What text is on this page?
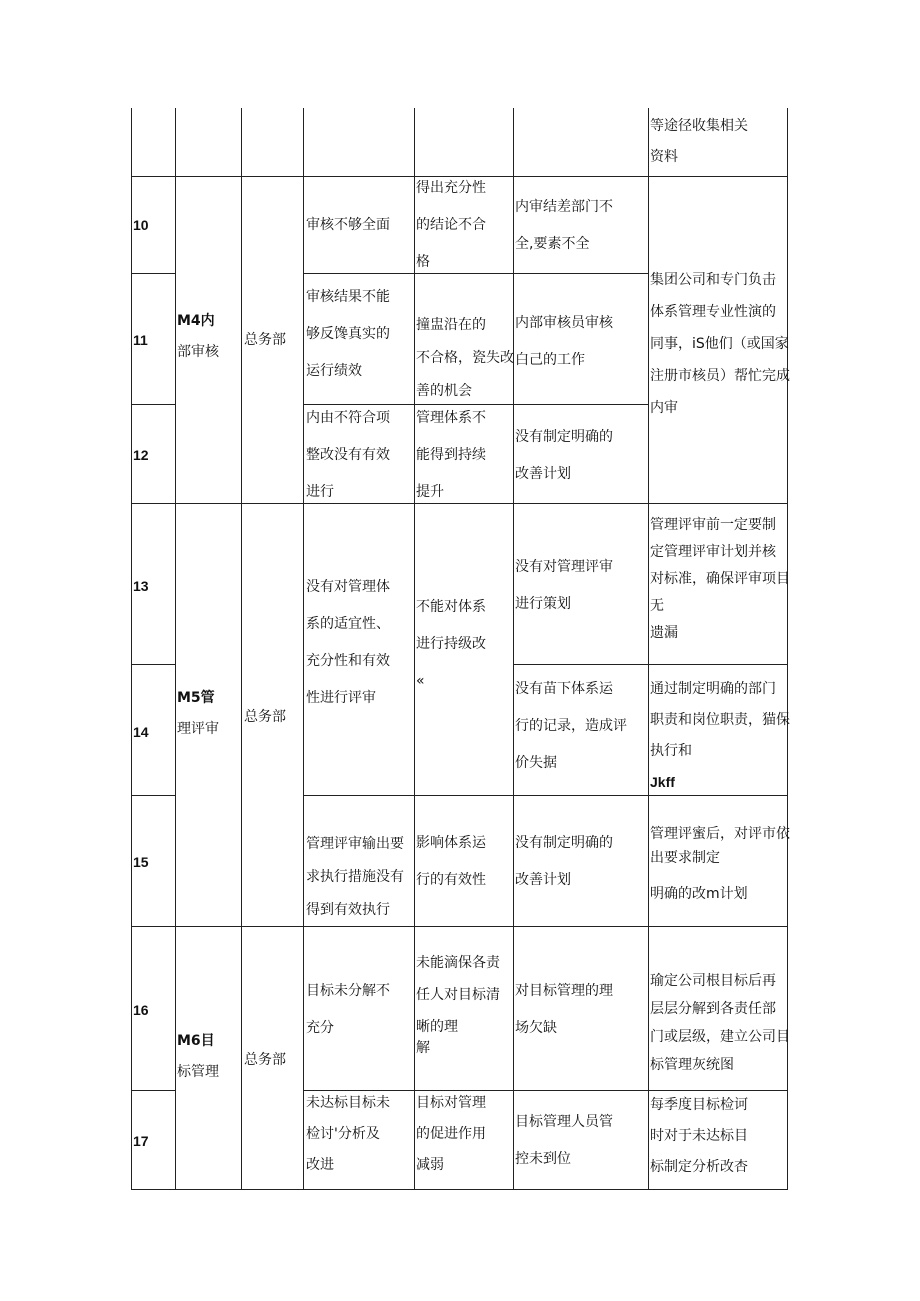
等途径收集相关
资料
10
11
12
13
14
15
16
17
M4内
部审核
总务部
审核不够全面
得出充分性
的结论不合
格
内审结差部门不
全,要素不全
集团公司和专门负击
体系管理专业性演的
同事，iS他们（或国家
注册市核员）帮忙完成
内审
审核结果不能
够反馋真实的
运行绩效
撞盅沿在的
不合格，瓷失改
善的机会
内部审核员审核
白己的工作
内由不符合项
整改没有有效
进行
管理体系不
能得到持续
提升
没有制定明确的
改善计划
M5管
理评审
总务部
没有对管理体
系的适宜性、
充分性和有效
性进行评审
不能对体系
进行持级改
«
没有对管理评审
进行策划
管理评审前一定要制
定管理评审计划并核
对标准，确保评审项目
无
遗漏
没有苗下体系运
行的记录，造成评
价失据
通过制定明确的部门
职责和岗位职责，猫保
执行和
Jkff
管理评审输出要
求执行措施没有
得到有效执行
影响体系运
行的有效性
没有制定明确的
改善计划
管理评蜜后，对评市依
出要求制定
明确的改m计划
M6目
标管理
总务部
目标未分解不
充分
未能滴保各责
任人对目标清
晰的理
解
对目标管理的理
场欠缺
瑜定公司根目标后再
层层分解到各责任部
门或层级，建立公司目
标管理灰统图
未达标目标未
检讨'分析及
改进
目标对管理
的促进作用
减弱
目标管理人员管
控未到位
每季度目标检诃
时对于未达标目
标制定分析改杏
